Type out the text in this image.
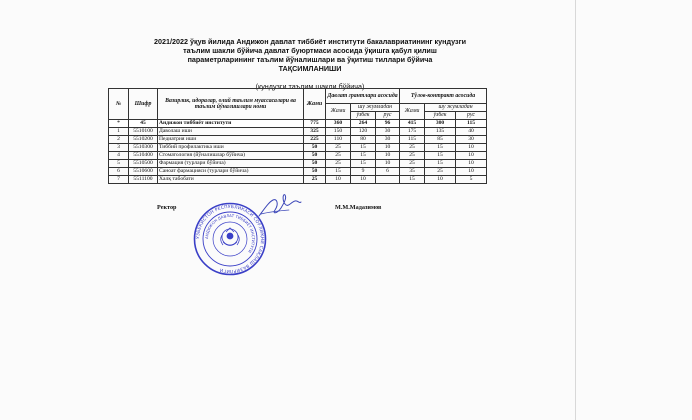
2021/2022 ўқув йилида Андижон давлат тиббиёт институти бакалавриатининг кундузги
таълим шакли бўйича давлат буюртмаси асосида ўқишга қабул қилиш
параметрларининг таълим йўналишлари ва ўқитиш тиллари бўйича
ТАҚСИМЛАНИШИ
(кундузги таълим шакли бўйича)
№	Шифр	Вазирлик, идоралар, олий таълим муассасалари ва таълим йўналишлари номи	Жами	Давлат грантлари асосида			Тўлов-контракт асосида		
				Жами	шу жумладан		Жами	шу жумладан	
					ўзбек	рус		ўзбек	рус
*	45	Андижон тиббиёт институти	775	360	264	96	415	300	115
1	5510100	Даволаш иши	325	150	120	30	175	135	40
2	5510200	Педиатрия иши	225	110	80	30	115	85	30
3	5510300	Тиббий профилактика иши	50	25	15	10	25	15	10
4	5510400	Стоматология (йўналишлар бўйича)	50	25	15	10	25	15	10
5	5510500	Фармация (турлари бўйича)	50	25	15	10	25	15	10
6	5510600	Саноат фармацияси (турлари бўйича)	50	15	9	6	35	25	10
7	5511100	Халқ табобати	25	10	10		15	10	5
Ректор	М.М.Мадазимов
ЎЗБЕКИСТОН РЕСПУБЛИКАСИ СОҒЛИҚНИ САҚЛАШ ВАЗИРЛИГИ
АНДИЖОН ДАВЛАТ ТИББИЁТ ИНСТИТУТИ
